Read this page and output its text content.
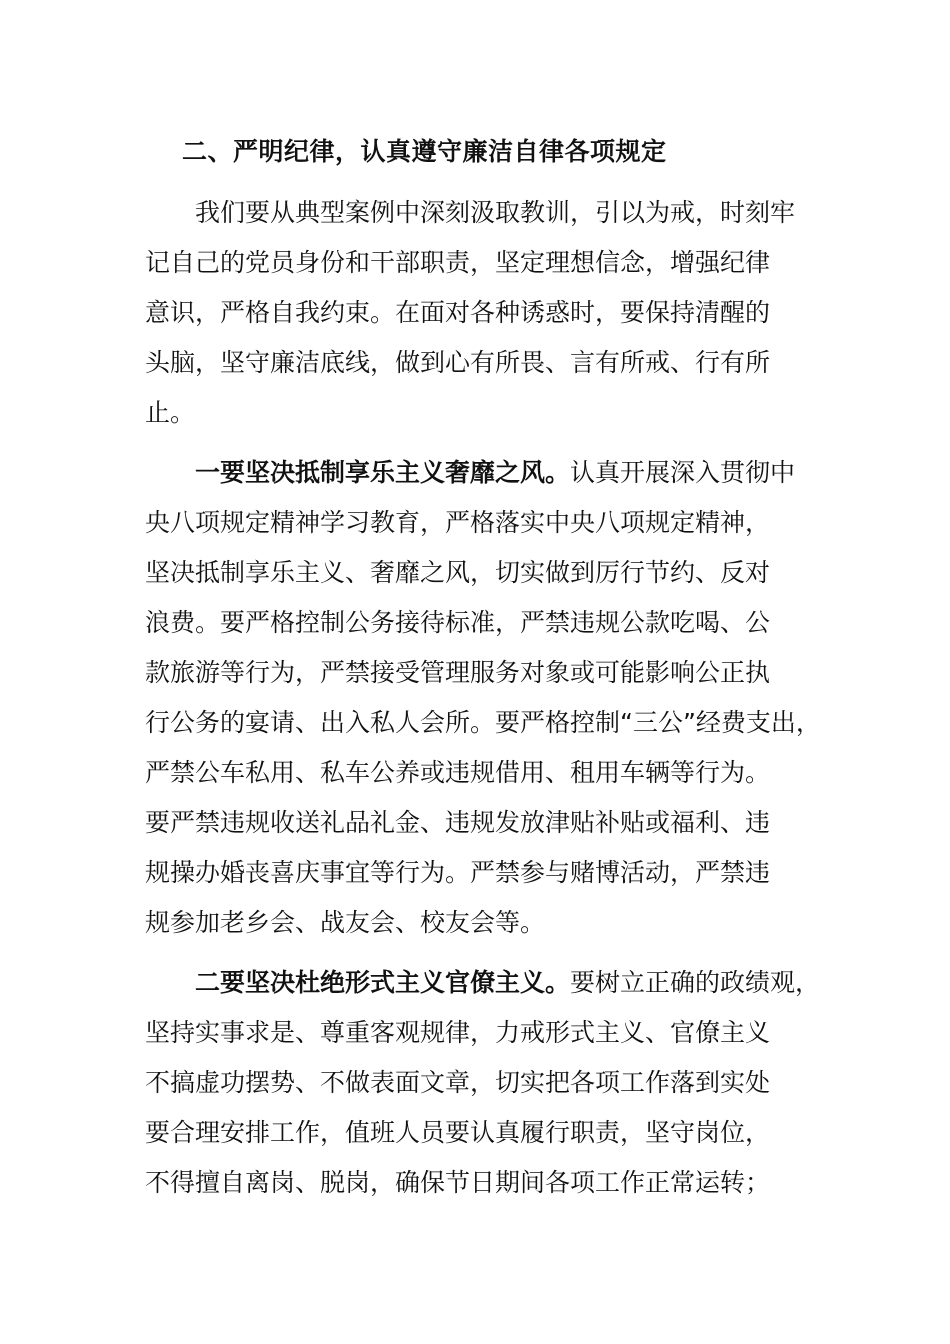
二、严明纪律，认真遵守廉洁自律各项规定
　　我们要从典型案例中深刻汲取教训，引以为戒，时刻牢
记自己的党员身份和干部职责，坚定理想信念，增强纪律
意识，严格自我约束。在面对各种诱惑时，要保持清醒的
头脑，坚守廉洁底线，做到心有所畏、言有所戒、行有所
止。
　　一要坚决抵制享乐主义奢靡之风。认真开展深入贯彻中
央八项规定精神学习教育，严格落实中央八项规定精神，
坚决抵制享乐主义、奢靡之风，切实做到厉行节约、反对
浪费。要严格控制公务接待标准，严禁违规公款吃喝、公
款旅游等行为，严禁接受管理服务对象或可能影响公正执
行公务的宴请、出入私人会所。要严格控制“三公”经费支出，
严禁公车私用、私车公养或违规借用、租用车辆等行为。
要严禁违规收送礼品礼金、违规发放津贴补贴或福利、违
规操办婚丧喜庆事宜等行为。严禁参与赌博活动，严禁违
规参加老乡会、战友会、校友会等。
　　二要坚决杜绝形式主义官僚主义。要树立正确的政绩观，
坚持实事求是、尊重客观规律，力戒形式主义、官僚主义
不搞虚功摆势、不做表面文章，切实把各项工作落到实处
要合理安排工作，值班人员要认真履行职责，坚守岗位，
不得擅自离岗、脱岗，确保节日期间各项工作正常运转；
